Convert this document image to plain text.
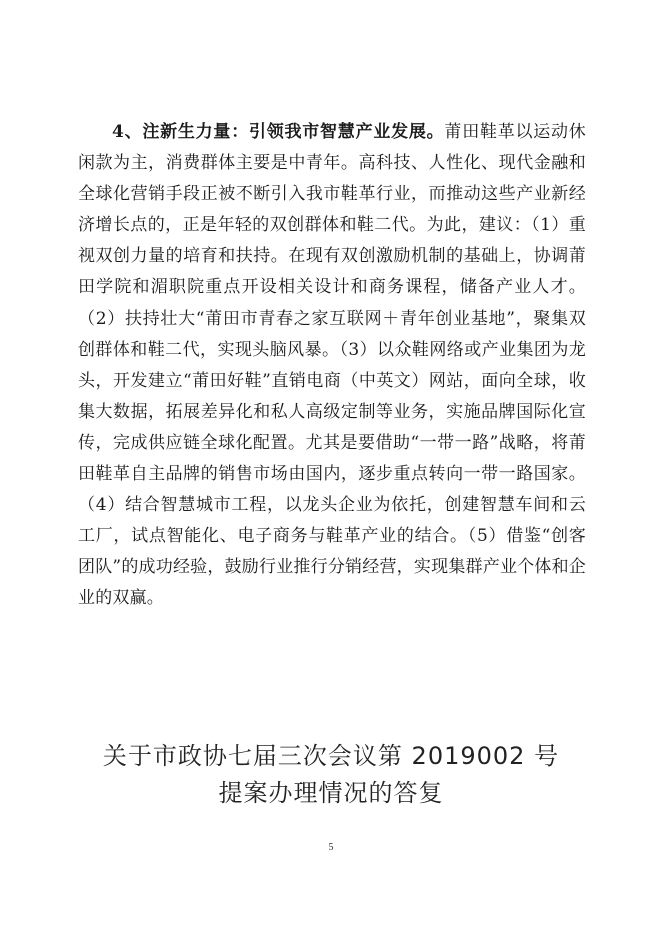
4、注新生力量：引领我市智慧产业发展。莆田鞋革以运动休闲款为主，消费群体主要是中青年。高科技、人性化、现代金融和全球化营销手段正被不断引入我市鞋革行业，而推动这些产业新经济增长点的，正是年轻的双创群体和鞋二代。为此，建议：（1）重视双创力量的培育和扶持。在现有双创激励机制的基础上，协调莆田学院和湄职院重点开设相关设计和商务课程，储备产业人才。（2）扶持壮大“莆田市青春之家互联网＋青年创业基地”，聚集双创群体和鞋二代，实现头脑风暴。（3）以众鞋网络或产业集团为龙头，开发建立“莆田好鞋”直销电商（中英文）网站，面向全球，收集大数据，拓展差异化和私人高级定制等业务，实施品牌国际化宣传，完成供应链全球化配置。尤其是要借助“一带一路”战略，将莆田鞋革自主品牌的销售市场由国内，逐步重点转向一带一路国家。（4）结合智慧城市工程，以龙头企业为依托，创建智慧车间和云工厂，试点智能化、电子商务与鞋革产业的结合。（5）借鉴“创客团队”的成功经验，鼓励行业推行分销经营，实现集群产业个体和企业的双赢。

关于市政协七届三次会议第 2019002 号
提案办理情况的答复
5
